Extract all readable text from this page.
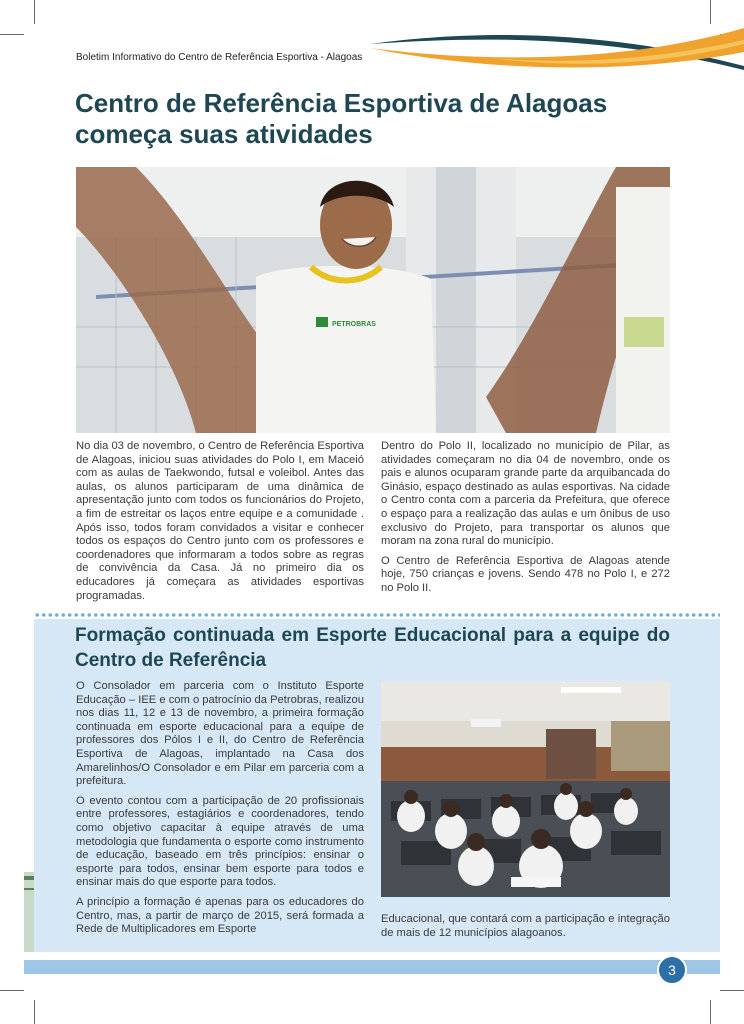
Boletim Informativo do Centro de Referência Esportiva - Alagoas
Centro de Referência Esportiva de Alagoas começa suas atividades
PETROBRAS

No dia 03 de novembro, o Centro de Referência Esportiva de Alagoas, iniciou suas atividades do Polo I, em Maceió com as aulas de Taekwondo, futsal e voleibol. Antes das aulas, os alunos participaram de uma dinâmica de apresentação junto com todos os funcionários do Projeto, a fim de estreitar os laços entre equipe e a comunidade . Após isso, todos foram convidados a visitar e conhecer todos os espaços do Centro junto com os professores e coordenadores que informaram a todos sobre as regras de convivência da Casa. Já no primeiro dia os educadores já começara as atividades esportivas programadas.

Dentro do Polo II, localizado no município de Pilar, as atividades começaram no dia 04 de novembro, onde os pais e alunos ocuparam grande parte da arquibancada do Ginásio, espaço destinado as aulas esportivas. Na cidade o Centro conta com a parceria da Prefeitura, que oferece o espaço para a realização das aulas e um ônibus de uso exclusivo do Projeto, para transportar os alunos que moram na zona rural do município.

O Centro de Referência Esportiva de Alagoas atende hoje, 750 crianças e jovens. Sendo 478 no Polo I, e 272 no Polo II.

Formação continuada em Esporte Educacional para a equipe do Centro de Referência

O Consolador em parceria com o Instituto Esporte Educação – IEE e com o patrocínio da Petrobras, realizou nos dias 11, 12 e 13 de novembro, a primeira formação continuada em esporte educacional para a equipe de professores dos Pólos I e II, do Centro de Referência Esportiva de Alagoas, implantado na Casa dos Amarelinhos/O Consolador e em Pilar em parceria com a prefeitura.

O evento contou com a participação de 20 profissionais entre professores, estagiários e coordenadores, tendo como objetivo capacitar à equipe através de uma metodologia que fundamenta o esporte como instrumento de educação, baseado em três princípios: ensinar o esporte para todos, ensinar bem esporte para todos e ensinar mais do que esporte para todos.

A princípio a formação é apenas para os educadores do Centro, mas, a partir de março de 2015, será formada a Rede de Multiplicadores em Esporte

Educacional, que contará com a participação e integração de mais de 12 municípios alagoanos.

3
